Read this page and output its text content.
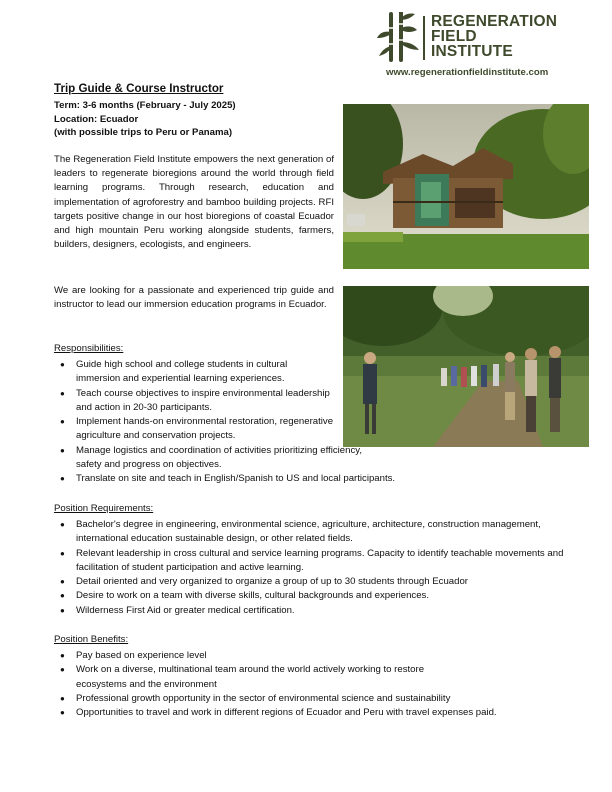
REGENERATION
FIELD
INSTITUTE
www.regenerationfieldinstitute.com
Trip Guide & Course Instructor
Term: 3-6 months (February - July 2025)
Location: Ecuador
(with possible trips to Peru or Panama)
The Regeneration Field Institute empowers the next generation of leaders to regenerate bioregions around the world through field learning programs. Through research, education and implementation of agroforestry and bamboo building projects. RFI targets positive change in our host bioregions of coastal Ecuador and high mountain Peru working alongside students, farmers, builders, designers, ecologists, and engineers.
We are looking for a passionate and experienced trip guide and instructor to lead our immersion education programs in Ecuador.
Responsibilities:
● Guide high school and college students in cultural immersion and experiential learning experiences.
● Teach course objectives to inspire environmental leadership and action in 20-30 participants.
● Implement hands-on environmental restoration, regenerative agriculture and conservation projects.
● Manage logistics and coordination of activities prioritizing efficiency, safety and progress on objectives.
● Translate on site and teach in English/Spanish to US and local participants.
Position Requirements:
● Bachelor's degree in engineering, environmental science, agriculture, architecture, construction management, international education sustainable design, or other related fields.
● Relevant leadership in cross cultural and service learning programs. Capacity to identify teachable movements and facilitation of student participation and active learning.
● Detail oriented and very organized to organize a group of up to 30 students through Ecuador
● Desire to work on a team with diverse skills, cultural backgrounds and experiences.
● Wilderness First Aid or greater medical certification.
Position Benefits:
● Pay based on experience level
● Work on a diverse, multinational team around the world actively working to restore ecosystems and the environment
● Professional growth opportunity in the sector of environmental science and sustainability
● Opportunities to travel and work in different regions of Ecuador and Peru with travel expenses paid.
